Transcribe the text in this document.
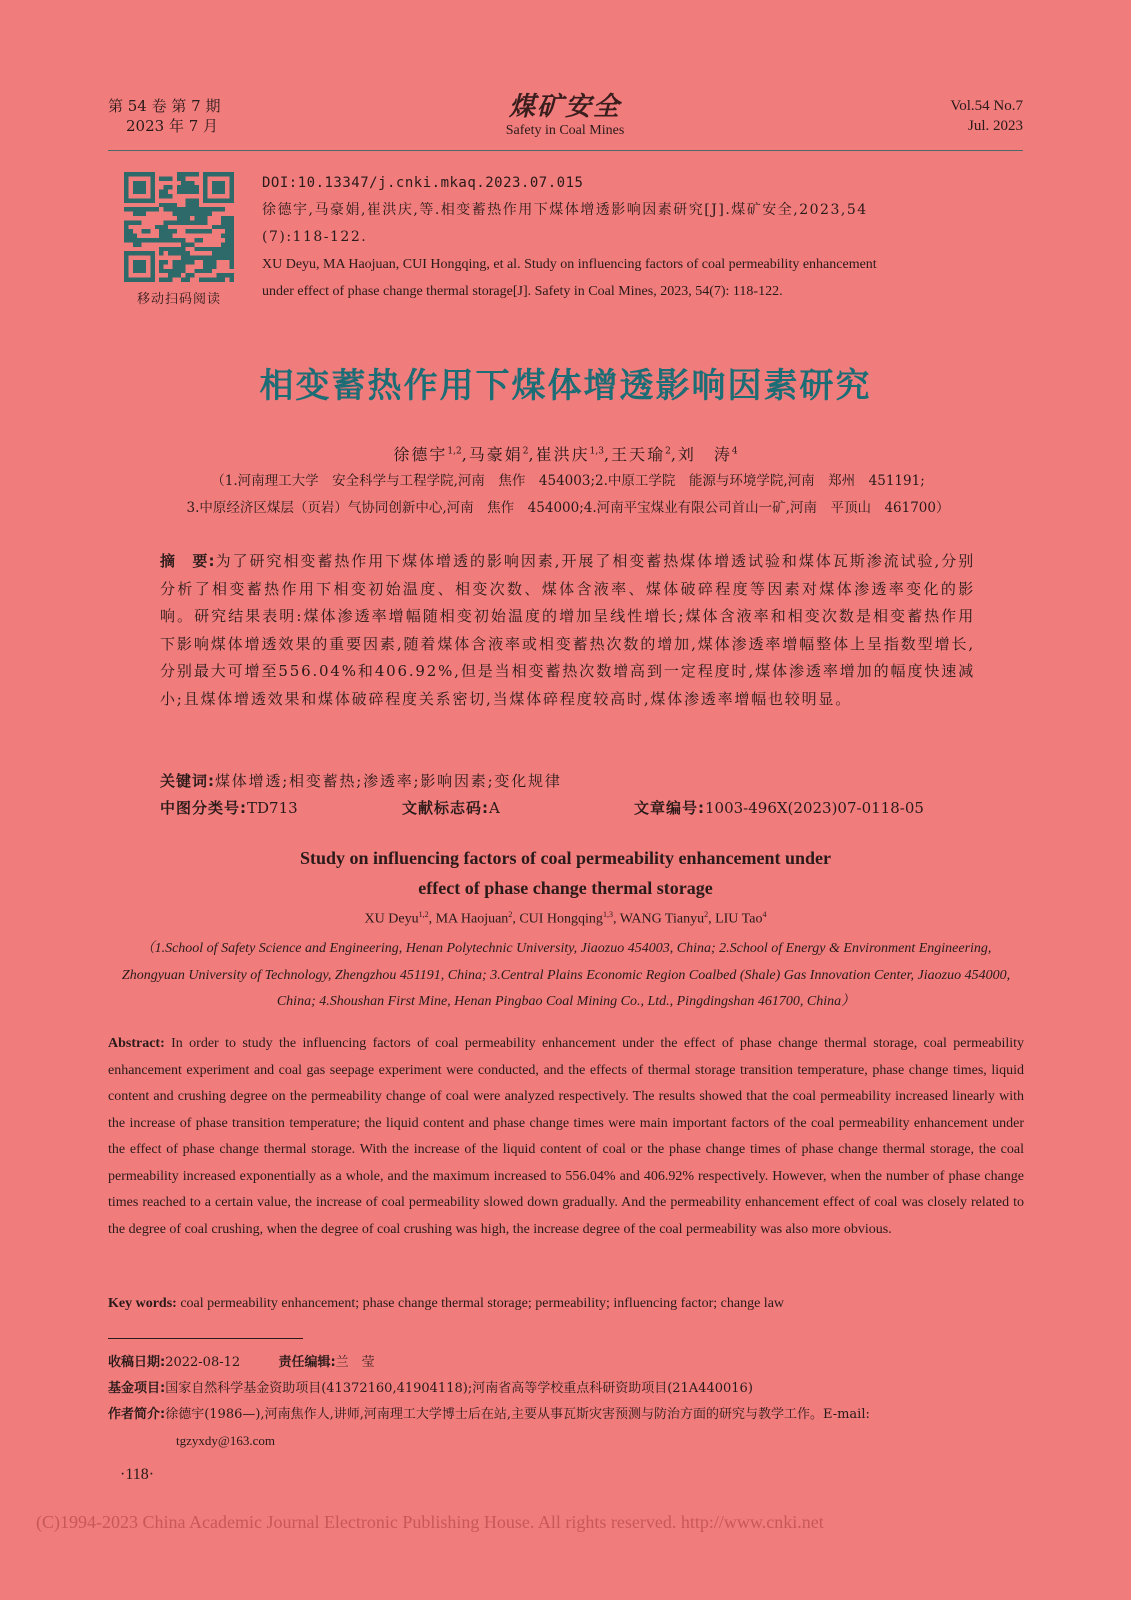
第 54 卷 第 7 期
2023 年 7 月
煤矿安全
Safety in Coal Mines
Vol.54 No.7
Jul. 2023
移动扫码阅读
DOI:10.13347/j.cnki.mkaq.2023.07.015
徐德宇,马豪娟,崔洪庆,等.相变蓄热作用下煤体增透影响因素研究[J].煤矿安全,2023,54
(7):118-122.
XU Deyu, MA Haojuan, CUI Hongqing, et al. Study on influencing factors of coal permeability enhancement
under effect of phase change thermal storage[J]. Safety in Coal Mines, 2023, 54(7): 118-122.
相变蓄热作用下煤体增透影响因素研究
徐德宇$^{1,2}$,马豪娟$^2$,崔洪庆$^{1,3}$,王天瑜$^2$,刘　涛$^4$
（1.河南理工大学　安全科学与工程学院,河南　焦作　454003;2.中原工学院　能源与环境学院,河南　郑州　451191;
3.中原经济区煤层（页岩）气协同创新中心,河南　焦作　454000;4.河南平宝煤业有限公司首山一矿,河南　平顶山　461700）
摘　要:为了研究相变蓄热作用下煤体增透的影响因素,开展了相变蓄热煤体增透试验和煤体瓦斯渗流试验,分别分析了相变蓄热作用下相变初始温度、相变次数、煤体含液率、煤体破碎程度等因素对煤体渗透率变化的影响。研究结果表明:煤体渗透率增幅随相变初始温度的增加呈线性增长;煤体含液率和相变次数是相变蓄热作用下影响煤体增透效果的重要因素,随着煤体含液率或相变蓄热次数的增加,煤体渗透率增幅整体上呈指数型增长,分别最大可增至556.04%和406.92%,但是当相变蓄热次数增高到一定程度时,煤体渗透率增加的幅度快速减小;且煤体增透效果和煤体破碎程度关系密切,当煤体碎程度较高时,煤体渗透率增幅也较明显。
关键词:煤体增透;相变蓄热;渗透率;影响因素;变化规律
中图分类号:TD713	文献标志码:A	文章编号:1003-496X(2023)07-0118-05
Study on influencing factors of coal permeability enhancement under
effect of phase change thermal storage
XU Deyu$^{1,2}$, MA Haojuan$^2$, CUI Hongqing$^{1,3}$, WANG Tianyu$^2$, LIU Tao$^4$
（1.School of Safety Science and Engineering, Henan Polytechnic University, Jiaozuo 454003, China; 2.School of Energy & Environment Engineering, Zhongyuan University of Technology, Zhengzhou 451191, China; 3.Central Plains Economic Region Coalbed (Shale) Gas Innovation Center, Jiaozuo 454000, China; 4.Shoushan First Mine, Henan Pingbao Coal Mining Co., Ltd., Pingdingshan 461700, China）
Abstract: In order to study the influencing factors of coal permeability enhancement under the effect of phase change thermal storage, coal permeability enhancement experiment and coal gas seepage experiment were conducted, and the effects of thermal storage transition temperature, phase change times, liquid content and crushing degree on the permeability change of coal were analyzed respectively. The results showed that the coal permeability increased linearly with the increase of phase transition temperature; the liquid content and phase change times were main important factors of the coal permeability enhancement under the effect of phase change thermal storage. With the increase of the liquid content of coal or the phase change times of phase change thermal storage, the coal permeability increased exponentially as a whole, and the maximum increased to 556.04% and 406.92% respectively. However, when the number of phase change times reached to a certain value, the increase of coal permeability slowed down gradually. And the permeability enhancement effect of coal was closely related to the degree of coal crushing, when the degree of coal crushing was high, the increase degree of the coal permeability was also more obvious.
Key words: coal permeability enhancement; phase change thermal storage; permeability; influencing factor; change law
收稿日期:2022-08-12	责任编辑:兰　莹
基金项目:国家自然科学基金资助项目(41372160,41904118);河南省高等学校重点科研资助项目(21A440016)
作者简介:徐德宇(1986—),河南焦作人,讲师,河南理工大学博士后在站,主要从事瓦斯灾害预测与防治方面的研究与教学工作。E-mail:
tgzyxdy@163.com
·118·
(C)1994-2023 China Academic Journal Electronic Publishing House. All rights reserved. http://www.cnki.net
